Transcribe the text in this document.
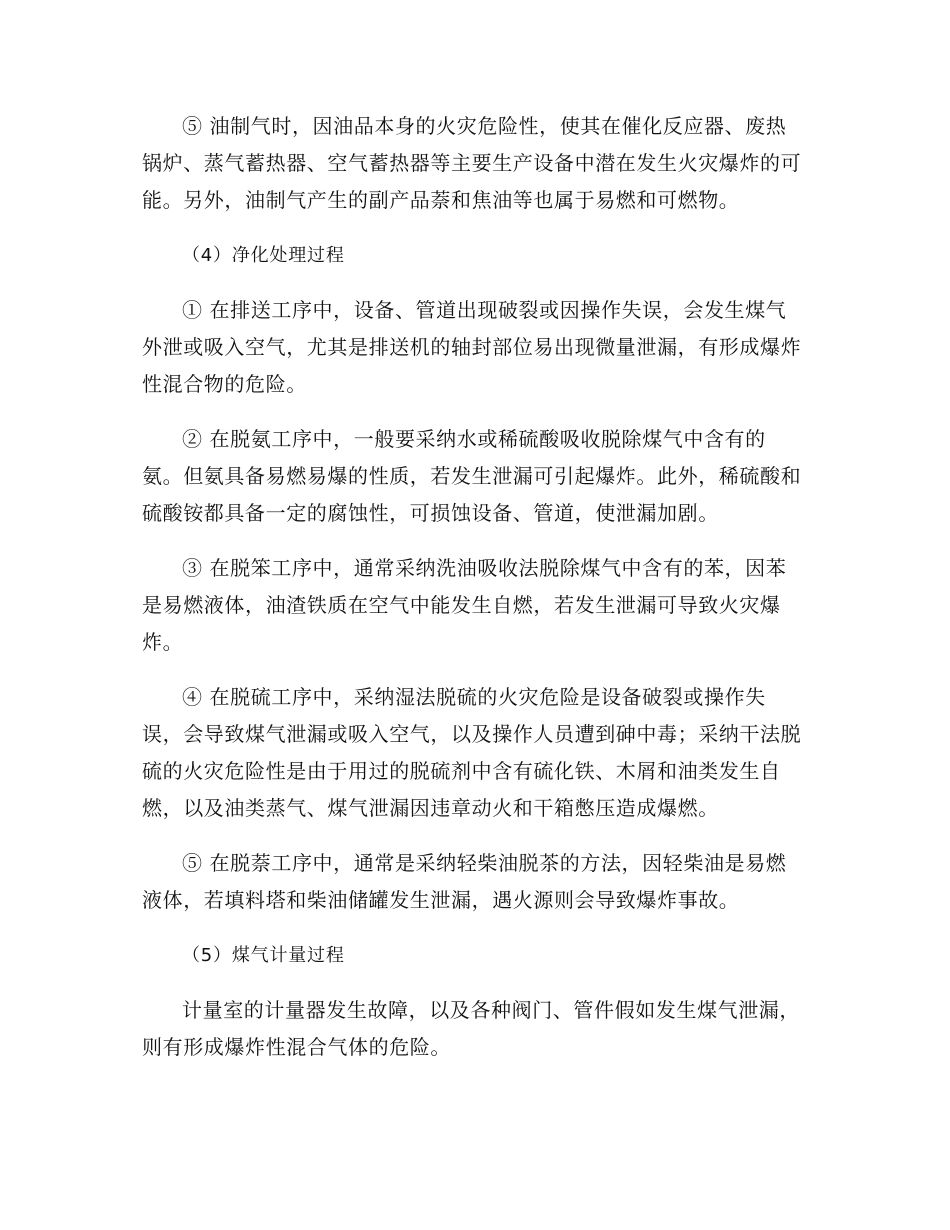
⑤ 油制气时，因油品本身的火灾危险性，使其在催化反应器、废热锅炉、蒸气蓄热器、空气蓄热器等主要生产设备中潜在发生火灾爆炸的可能。另外，油制气产生的副产品萘和焦油等也属于易燃和可燃物。

（4）净化处理过程

① 在排送工序中，设备、管道出现破裂或因操作失误，会发生煤气外泄或吸入空气，尤其是排送机的轴封部位易出现微量泄漏，有形成爆炸性混合物的危险。

② 在脱氨工序中，一般要采纳水或稀硫酸吸收脱除煤气中含有的氨。但氨具备易燃易爆的性质，若发生泄漏可引起爆炸。此外，稀硫酸和硫酸铵都具备一定的腐蚀性，可损蚀设备、管道，使泄漏加剧。

③ 在脱笨工序中，通常采纳洗油吸收法脱除煤气中含有的苯，因苯是易燃液体，油渣铁质在空气中能发生自燃，若发生泄漏可导致火灾爆炸。

④ 在脱硫工序中，采纳湿法脱硫的火灾危险是设备破裂或操作失误，会导致煤气泄漏或吸入空气，以及操作人员遭到砷中毒；采纳干法脱硫的火灾危险性是由于用过的脱硫剂中含有硫化铁、木屑和油类发生自燃，以及油类蒸气、煤气泄漏因违章动火和干箱憋压造成爆燃。

⑤ 在脱萘工序中，通常是采纳轻柴油脱茶的方法，因轻柴油是易燃液体，若填料塔和柴油储罐发生泄漏，遇火源则会导致爆炸事故。

（5）煤气计量过程

计量室的计量器发生故障，以及各种阀门、管件假如发生煤气泄漏，则有形成爆炸性混合气体的危险。
